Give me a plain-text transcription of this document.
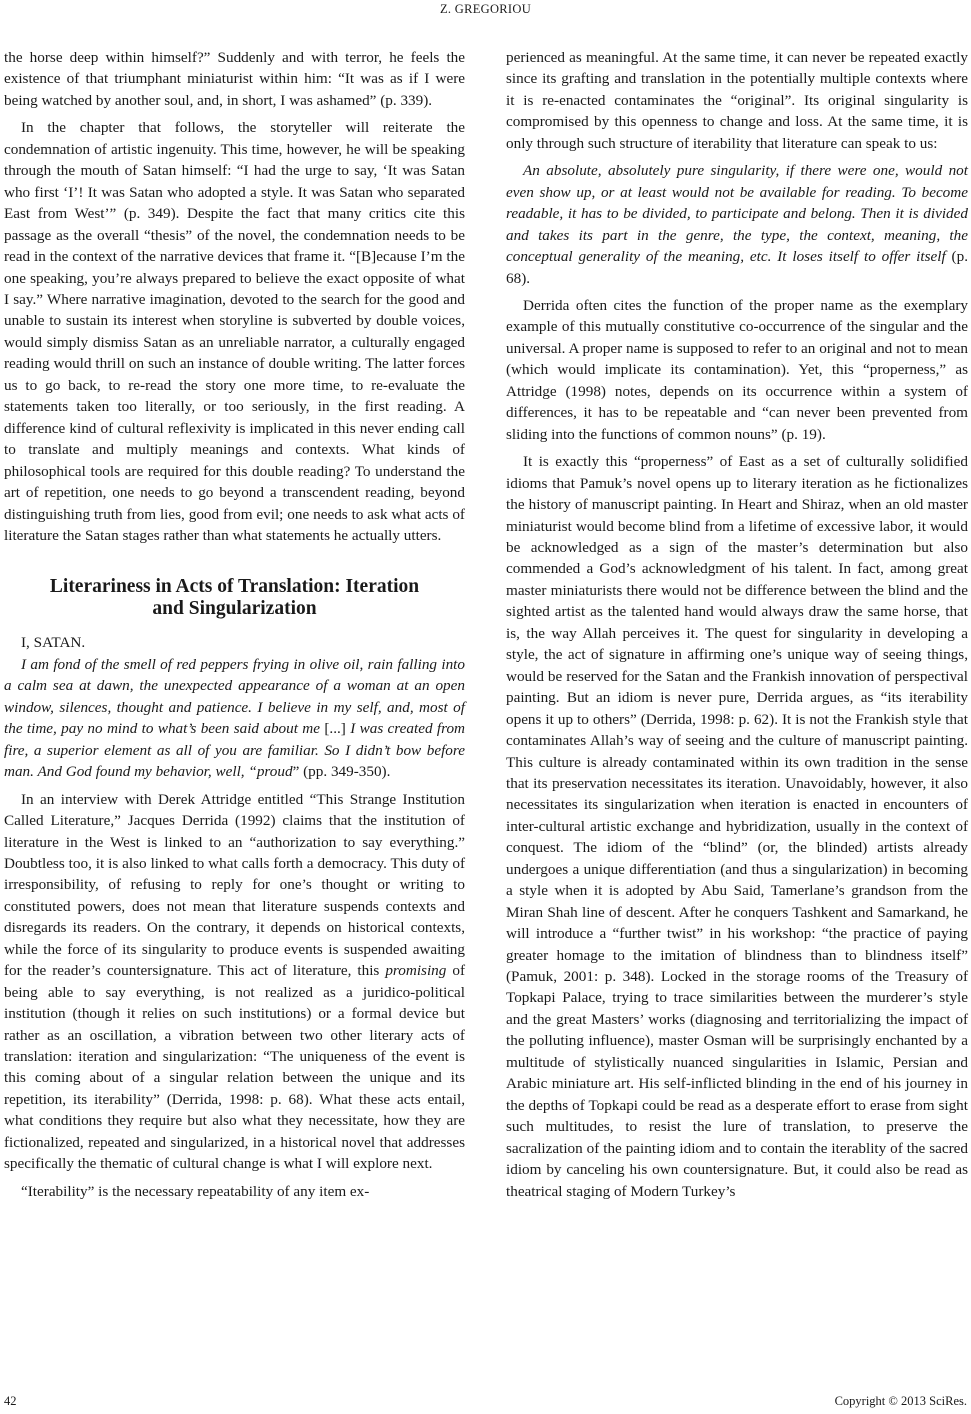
Z. GREGORIOU

the horse deep within himself?” Suddenly and with terror, he feels the existence of that triumphant miniaturist within him: “It was as if I were being watched by another soul, and, in short, I was ashamed” (p. 339).

In the chapter that follows, the storyteller will reiterate the condemnation of artistic ingenuity. This time, however, he will be speaking through the mouth of Satan himself: “I had the urge to say, ‘It was Satan who first ‘I’! It was Satan who adopted a style. It was Satan who separated East from West’” (p. 349). Despite the fact that many critics cite this passage as the overall “thesis” of the novel, the condemnation needs to be read in the context of the narrative devices that frame it. “[B]ecause I’m the one speaking, you’re always prepared to believe the exact opposite of what I say.” Where narrative imagination, devoted to the search for the good and unable to sustain its interest when storyline is subverted by double voices, would simply dismiss Satan as an unreliable narrator, a culturally engaged reading would thrill on such an instance of double writing. The latter forces us to go back, to re-read the story one more time, to re-evaluate the statements taken too literally, or too seriously, in the first reading. A difference kind of cultural reflexivity is implicated in this never ending call to translate and multiply meanings and contexts. What kinds of philosophical tools are required for this double reading? To understand the art of repetition, one needs to go beyond a transcendent reading, beyond distinguishing truth from lies, good from evil; one needs to ask what acts of literature the Satan stages rather than what statements he actually utters.

Literariness in Acts of Translation: Iteration
and Singularization

I, SATAN.

I am fond of the smell of red peppers frying in olive oil, rain falling into a calm sea at dawn, the unexpected appearance of a woman at an open window, silences, thought and patience. I believe in my self, and, most of the time, pay no mind to what’s been said about me [...] I was created from fire, a superior element as all of you are familiar. So I didn’t bow before man. And God found my behavior, well, “proud” (pp. 349-350).

In an interview with Derek Attridge entitled “This Strange Institution Called Literature,” Jacques Derrida (1992) claims that the institution of literature in the West is linked to an “authorization to say everything.” Doubtless too, it is also linked to what calls forth a democracy. This duty of irresponsibility, of refusing to reply for one’s thought or writing to constituted powers, does not mean that literature suspends contexts and disregards its readers. On the contrary, it depends on historical contexts, while the force of its singularity to produce events is suspended awaiting for the reader’s countersignature. This act of literature, this promising of being able to say everything, is not realized as a juridico-political institution (though it relies on such institutions) or a formal device but rather as an oscillation, a vibration between two other literary acts of translation: iteration and singularization: “The uniqueness of the event is this coming about of a singular relation between the unique and its repetition, its iterability” (Derrida, 1998: p. 68). What these acts entail, what conditions they require but also what they necessitate, how they are fictionalized, repeated and singularized, in a historical novel that addresses specifically the thematic of cultural change is what I will explore next.

“Iterability” is the necessary repeatability of any item ex-

perienced as meaningful. At the same time, it can never be repeated exactly since its grafting and translation in the potentially multiple contexts where it is re-enacted contaminates the “original”. Its original singularity is compromised by this openness to change and loss. At the same time, it is only through such structure of iterability that literature can speak to us:

An absolute, absolutely pure singularity, if there were one, would not even show up, or at least would not be available for reading. To become readable, it has to be divided, to participate and belong. Then it is divided and takes its part in the genre, the type, the context, meaning, the conceptual generality of the meaning, etc. It loses itself to offer itself (p. 68).

Derrida often cites the function of the proper name as the exemplary example of this mutually constitutive co-occurrence of the singular and the universal. A proper name is supposed to refer to an original and not to mean (which would implicate its contamination). Yet, this “properness,” as Attridge (1998) notes, depends on its occurrence within a system of differences, it has to be repeatable and “can never been prevented from sliding into the functions of common nouns” (p. 19).

It is exactly this “properness” of East as a set of culturally solidified idioms that Pamuk’s novel opens up to literary iteration as he fictionalizes the history of manuscript painting. In Heart and Shiraz, when an old master miniaturist would become blind from a lifetime of excessive labor, it would be acknowledged as a sign of the master’s determination but also commended a God’s acknowledgment of his talent. In fact, among great master miniaturists there would not be difference between the blind and the sighted artist as the talented hand would always draw the same horse, that is, the way Allah perceives it. The quest for singularity in developing a style, the act of signature in affirming one’s unique way of seeing things, would be reserved for the Satan and the Frankish innovation of perspectival painting. But an idiom is never pure, Derrida argues, as “its iterability opens it up to others” (Derrida, 1998: p. 62). It is not the Frankish style that contaminates Allah’s way of seeing and the culture of manuscript painting. This culture is already contaminated within its own tradition in the sense that its preservation necessitates its iteration. Unavoidably, however, it also necessitates its singularization when iteration is enacted in encounters of inter-cultural artistic exchange and hybridization, usually in the context of conquest. The idiom of the “blind” (or, the blinded) artists already undergoes a unique differentiation (and thus a singularization) in becoming a style when it is adopted by Abu Said, Tamerlane’s grandson from the Miran Shah line of descent. After he conquers Tashkent and Samarkand, he will introduce a “further twist” in his workshop: “the practice of paying greater homage to the imitation of blindness than to blindness itself” (Pamuk, 2001: p. 348). Locked in the storage rooms of the Treasury of Topkapi Palace, trying to trace similarities between the murderer’s style and the great Masters’ works (diagnosing and territorializing the impact of the polluting influence), master Osman will be surprisingly enchanted by a multitude of stylistically nuanced singularities in Islamic, Persian and Arabic miniature art. His self-inflicted blinding in the end of his journey in the depths of Topkapi could be read as a desperate effort to erase from sight such multitudes, to resist the lure of translation, to preserve the sacralization of the painting idiom and to contain the iterablity of the sacred idiom by canceling his own countersignature. But, it could also be read as theatrical staging of Modern Turkey’s

42	Copyright © 2013 SciRes.
